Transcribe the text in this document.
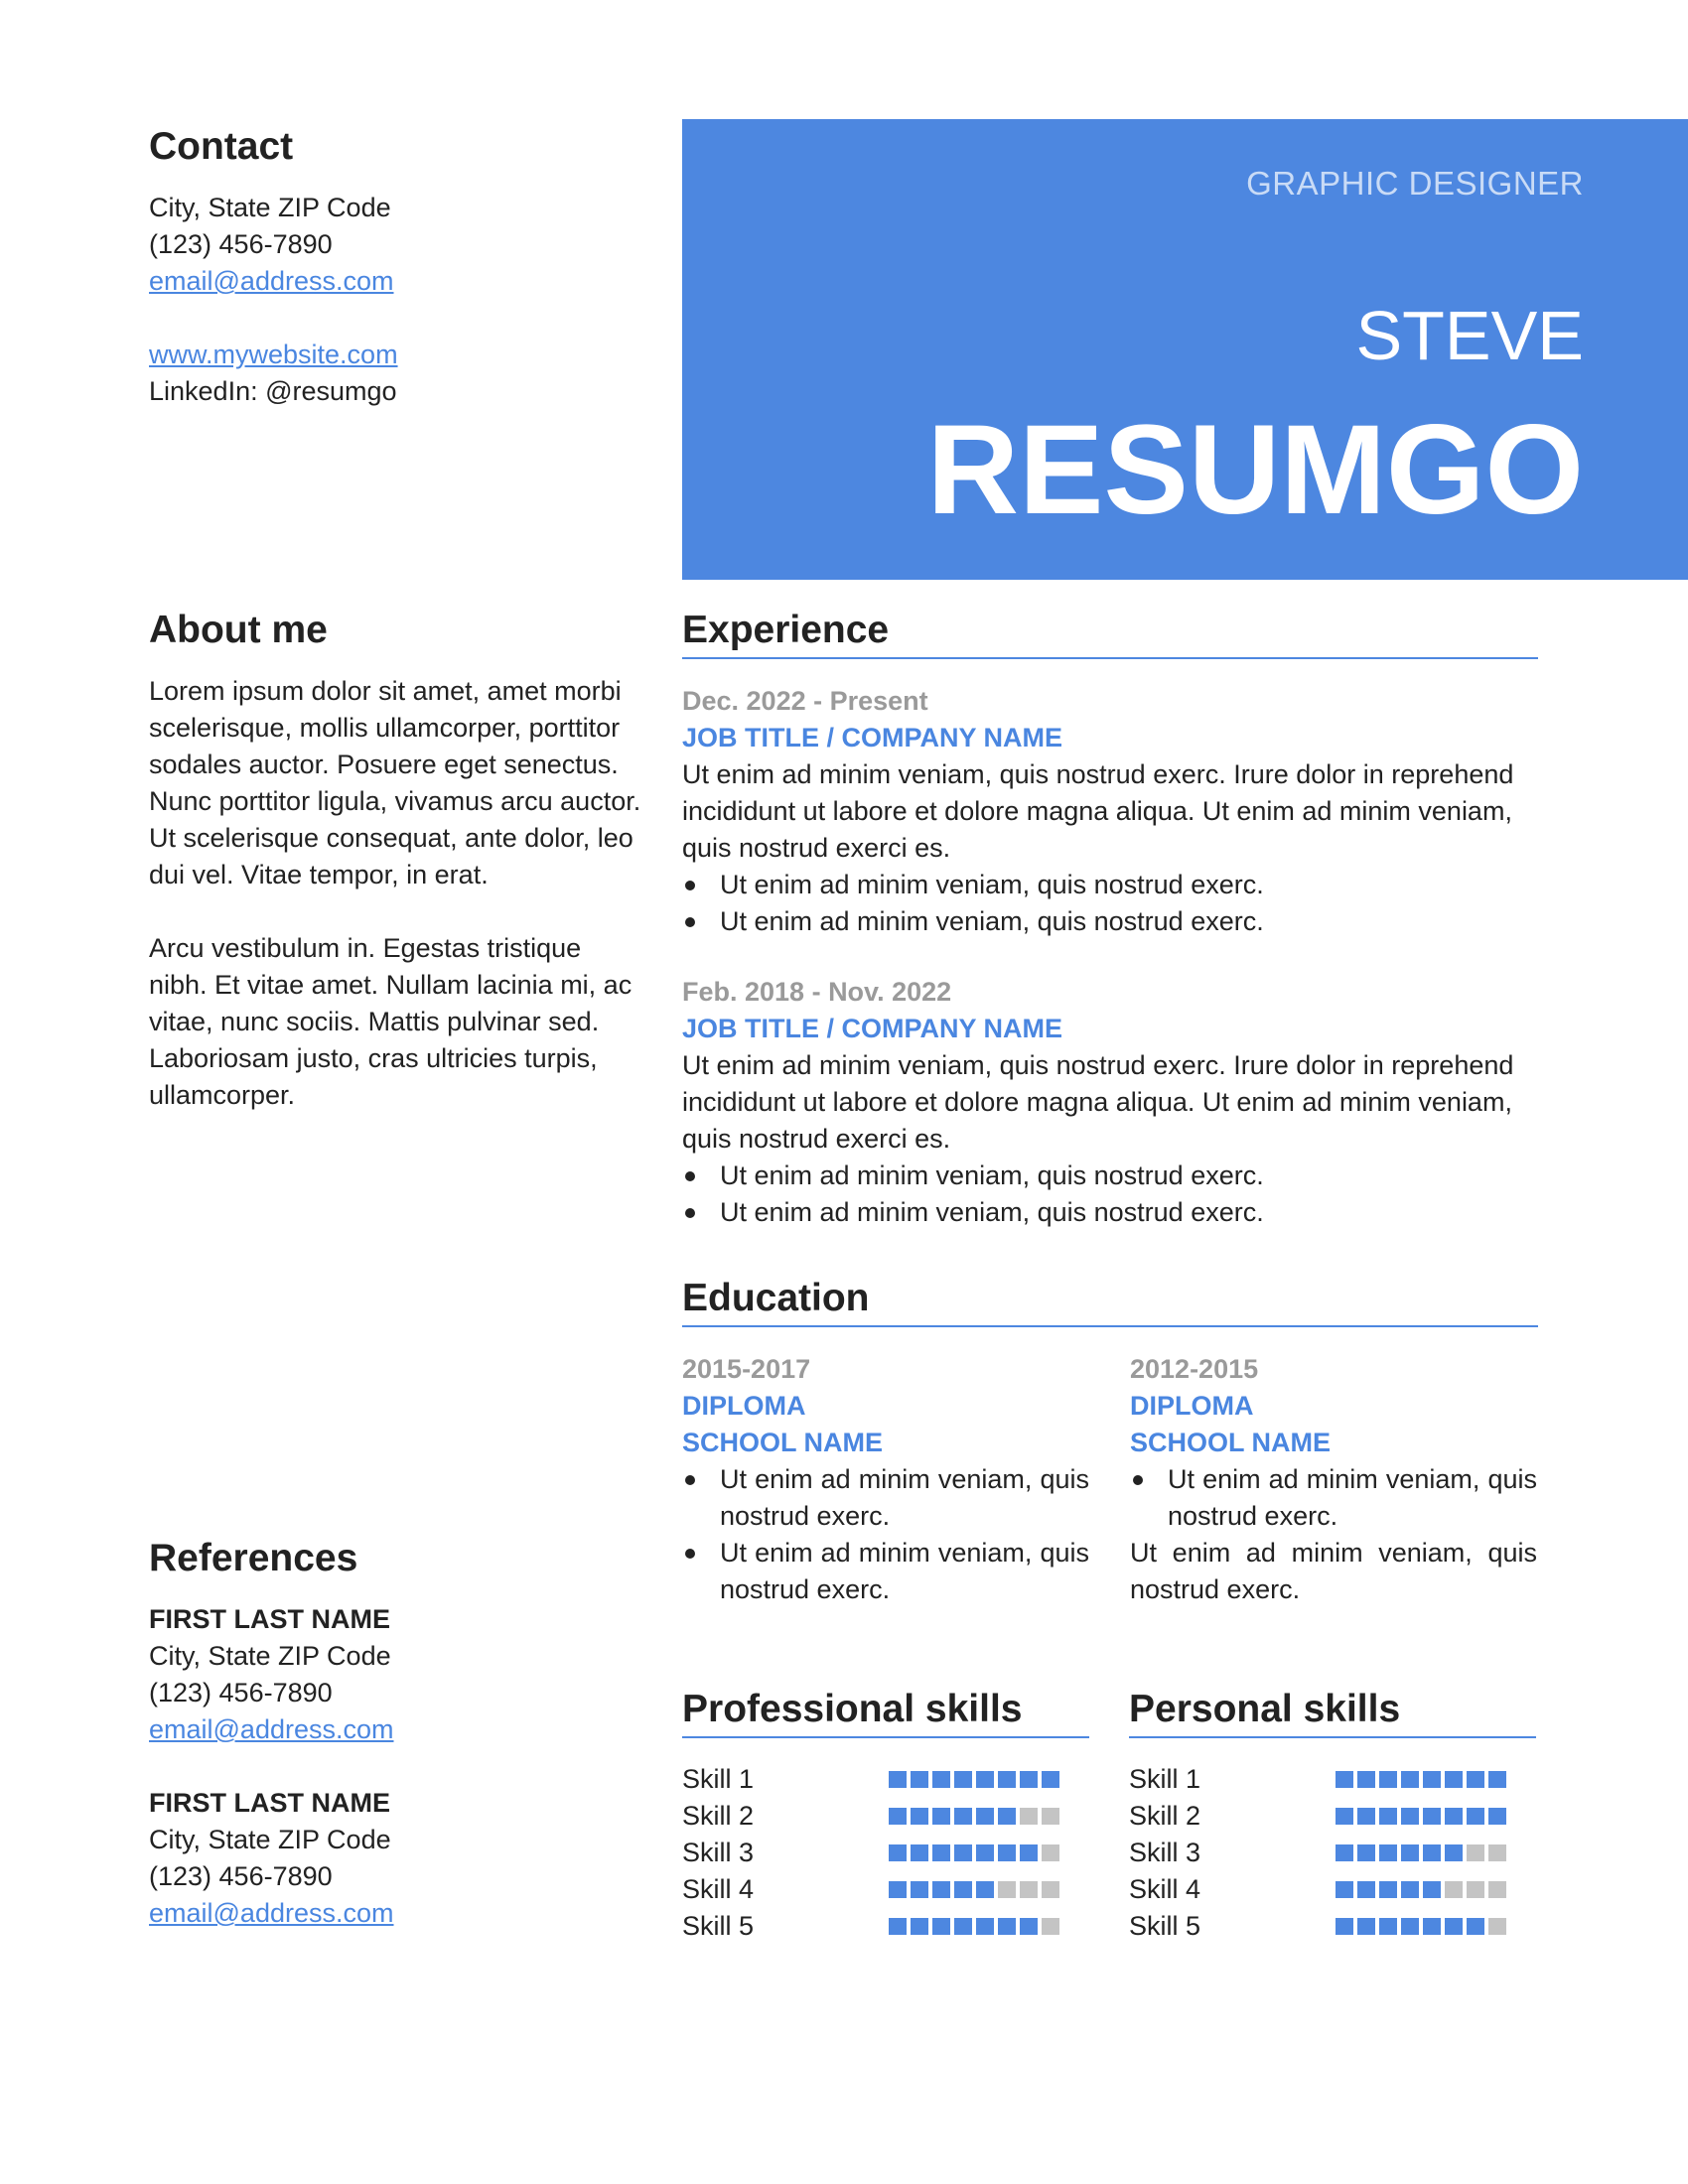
Contact
City, State ZIP Code
(123) 456-7890
email@address.com
www.mywebsite.com
LinkedIn: @resumgo
GRAPHIC DESIGNER
STEVE
RESUMGO
About me

Lorem ipsum dolor sit amet, amet morbi scelerisque, mollis ullamcorper, porttitor sodales auctor. Posuere eget senectus. Nunc porttitor ligula, vivamus arcu auctor. Ut scelerisque consequat, ante dolor, leo dui vel. Vitae tempor, in erat.

Arcu vestibulum in. Egestas tristique nibh. Et vitae amet. Nullam lacinia mi, ac vitae, nunc sociis. Mattis pulvinar sed. Laboriosam justo, cras ultricies turpis, ullamcorper.

Experience
Dec. 2022 - Present
JOB TITLE / COMPANY NAME
Ut enim ad minim veniam, quis nostrud exerc. Irure dolor in reprehend incididunt ut labore et dolore magna aliqua. Ut enim ad minim veniam, quis nostrud exerci es.
Ut enim ad minim veniam, quis nostrud exerc.
Ut enim ad minim veniam, quis nostrud exerc.
Feb. 2018 - Nov. 2022
JOB TITLE / COMPANY NAME
Ut enim ad minim veniam, quis nostrud exerc. Irure dolor in reprehend incididunt ut labore et dolore magna aliqua. Ut enim ad minim veniam, quis nostrud exerci es.
Ut enim ad minim veniam, quis nostrud exerc.
Ut enim ad minim veniam, quis nostrud exerc.
Education
2015-2017
DIPLOMA
SCHOOL NAME
Ut enim ad minim veniam, quis nostrud exerc.
Ut enim ad minim veniam, quis nostrud exerc.
2012-2015
DIPLOMA
SCHOOL NAME
Ut enim ad minim veniam, quis nostrud exerc.
Ut enim ad minim veniam, quis nostrud exerc.
References
FIRST LAST NAME
City, State ZIP Code
(123) 456-7890
email@address.com
FIRST LAST NAME
City, State ZIP Code
(123) 456-7890
email@address.com
Professional skills	Personal skills
Skill 1
Skill 2
Skill 3
Skill 4
Skill 5
Skill 1
Skill 2
Skill 3
Skill 4
Skill 5
